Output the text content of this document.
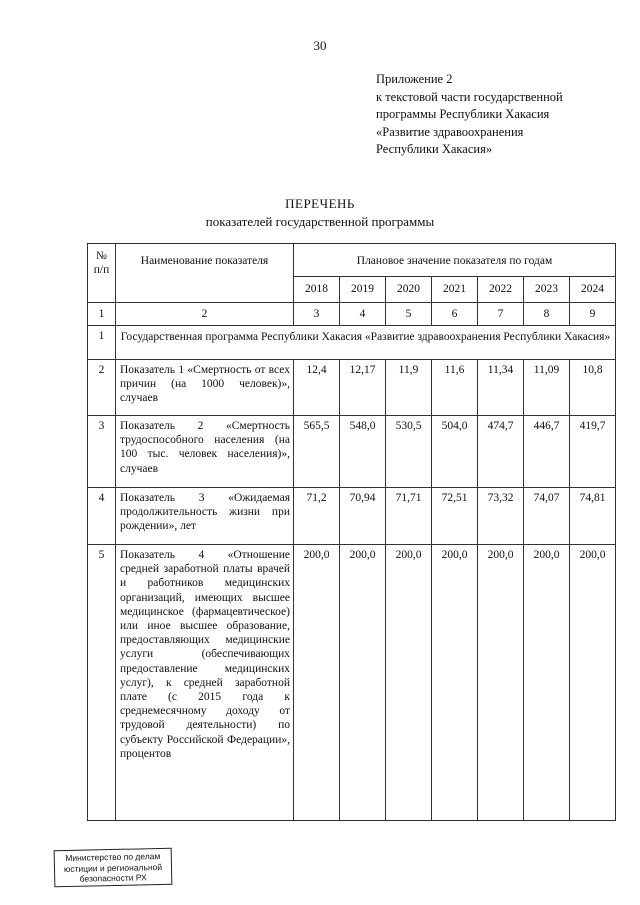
30
Приложение 2
к текстовой части государственной
программы Республики Хакасия
«Развитие здравоохранения
Республики Хакасия»
ПЕРЕЧЕНЬ
показателей государственной программы
№
п/п	Наименование показателя	Плановое значение показателя по годам						
		2018	2019	2020	2021	2022	2023	2024
1	2	3	4	5	6	7	8	9
1	Государственная программа Республики Хакасия «Развитие здравоохранения Республики Хакасия»							
2	Показатель 1 «Смертность от всех причин (на 1000 человек)», случаев	12,4	12,17	11,9	11,6	11,34	11,09	10,8
3	Показатель 2 «Смертность трудоспособного населения (на 100 тыс. человек населения)», случаев	565,5	548,0	530,5	504,0	474,7	446,7	419,7
4	Показатель 3 «Ожидаемая продолжительность жизни при рождении», лет	71,2	70,94	71,71	72,51	73,32	74,07	74,81
5	Показатель 4 «Отношение средней заработной платы врачей и работников медицинских организаций, имеющих высшее медицинское (фармацевтическое) или иное высшее образование, предоставляющих медицинские услуги (обеспечивающих предоставление медицинских услуг), к средней заработной плате (с 2015 года к среднемесячному доходу от трудовой деятельности) по субъекту Российской Федерации», процентов	200,0	200,0	200,0	200,0	200,0	200,0	200,0
Министерство по делам
юстиции и региональной
безопасности РХ
